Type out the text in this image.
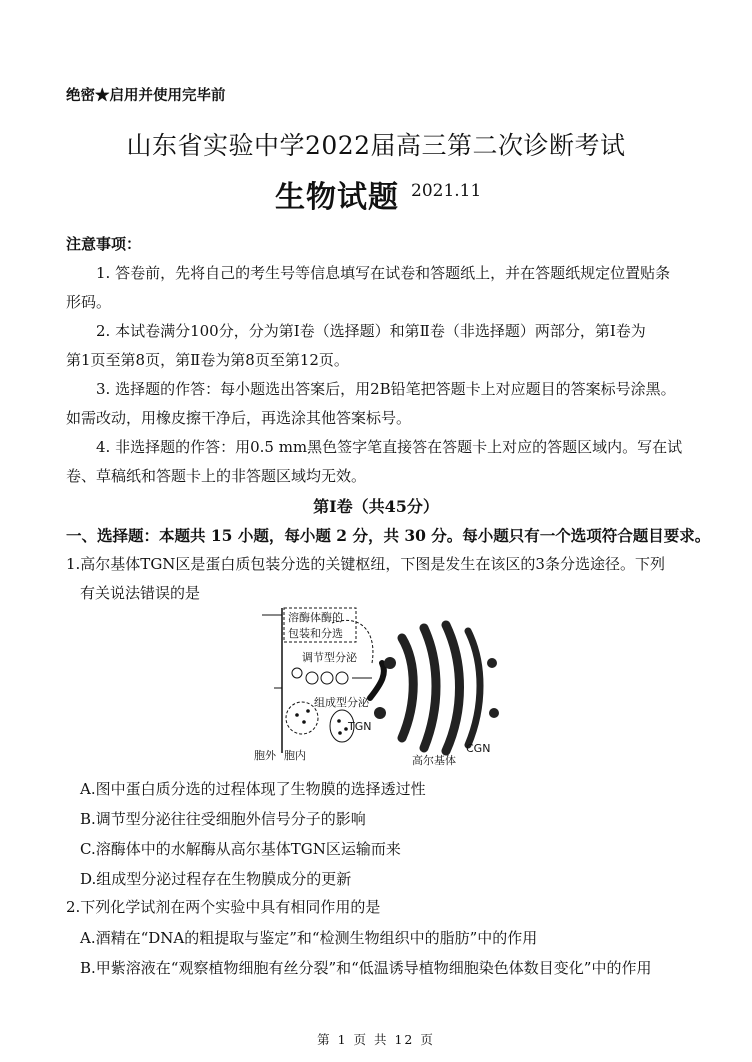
绝密★启用并使用完毕前
山东省实验中学2022届高三第二次诊断考试
生物试题 2021.11
注意事项：
1. 答卷前，先将自己的考生号等信息填写在试卷和答题纸上，并在答题纸规定位置贴条
形码。
2. 本试卷满分100分，分为第Ⅰ卷（选择题）和第Ⅱ卷（非选择题）两部分，第Ⅰ卷为
第1页至第8页，第Ⅱ卷为第8页至第12页。
3. 选择题的作答：每小题选出答案后，用2B铅笔把答题卡上对应题目的答案标号涂黑。
如需改动，用橡皮擦干净后，再选涂其他答案标号。
4. 非选择题的作答：用0.5 mm黑色签字笔直接答在答题卡上对应的答题区域内。写在试
卷、草稿纸和答题卡上的非答题区域均无效。
第Ⅰ卷（共45分）
一、选择题：本题共 15 小题，每小题 2 分，共 30 分。每小题只有一个选项符合题目要求。
1.高尔基体TGN区是蛋白质包装分选的关键枢纽，下图是发生在该区的3条分选途径。下列
有关说法错误的是
溶酶体酶的
包装和分选
调节型分泌
组成型分泌
TGN
CGN
高尔基体
胞外 胞内
A.图中蛋白质分选的过程体现了生物膜的选择透过性
B.调节型分泌往往受细胞外信号分子的影响
C.溶酶体中的水解酶从高尔基体TGN区运输而来
D.组成型分泌过程存在生物膜成分的更新
2.下列化学试剂在两个实验中具有相同作用的是
A.酒精在“DNA的粗提取与鉴定”和“检测生物组织中的脂肪”中的作用
B.甲紫溶液在“观察植物细胞有丝分裂”和“低温诱导植物细胞染色体数目变化”中的作用
第 1 页 共 12 页
